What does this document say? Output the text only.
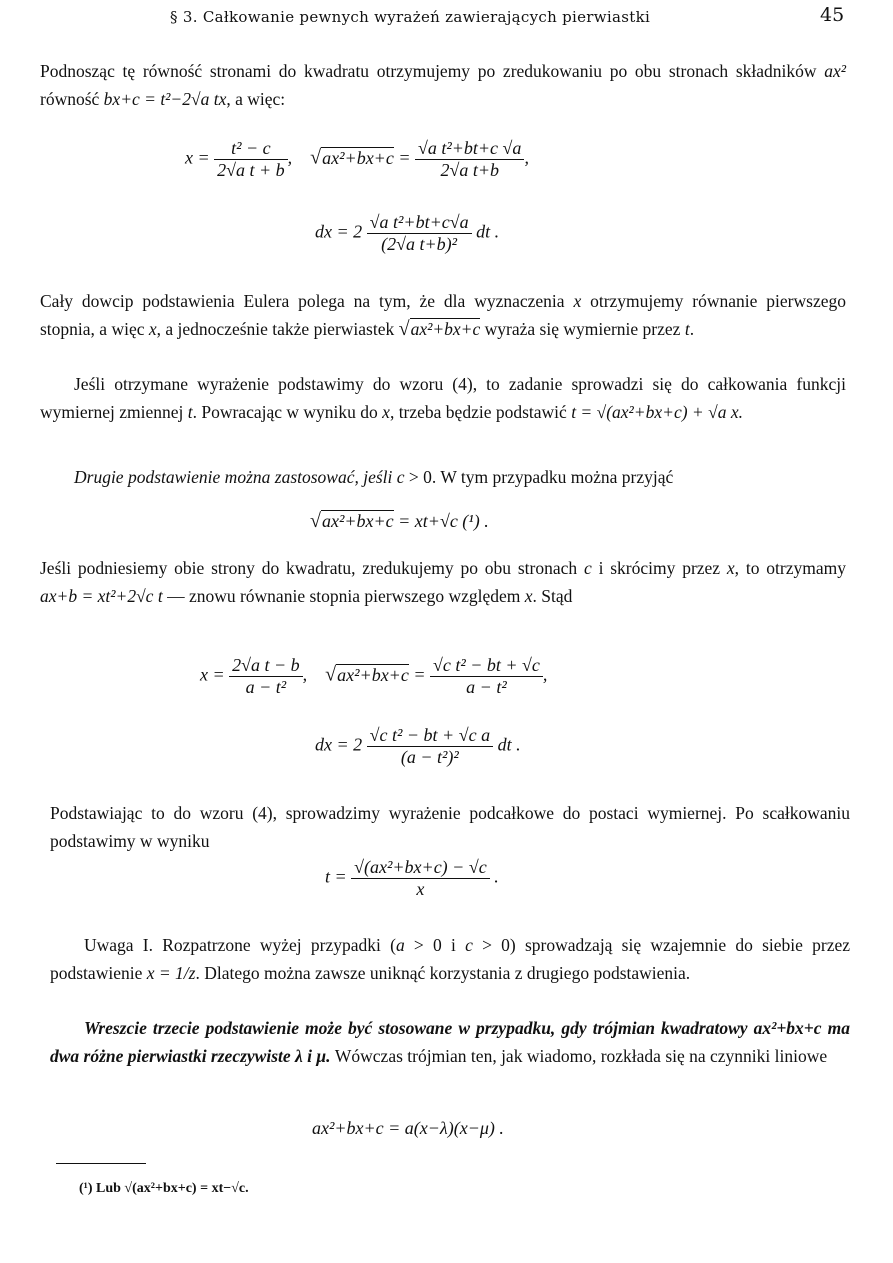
§ 3. Całkowanie pewnych wyrażeń zawierających pierwiastki	45
Podnosząc tę równość stronami do kwadratu otrzymujemy po zredukowaniu po obu stronach składników ax² równość bx+c = t²−2√a tx, a więc:
$x = \frac{\text{t² − c}}{\text{2√a t + b}}$ ,    $√ax^2+bx+c = \frac{\text{√a t²+bt+c √a}}{\text{2√a t+b}}$ ,
dx = $2 \frac{\text{√a t²+bt+c√a}}{\text{(2√a t+b)²}}$ dt .
Cały dowcip podstawienia Eulera polega na tym, że dla wyznaczenia x otrzymujemy równanie pierwszego stopnia, a więc x, a jednocześnie także pierwiastek √ax²+bx+c wyraża się wymiernie przez t.
Jeśli otrzymane wyrażenie podstawimy do wzoru (4), to zadanie sprowadzi się do całkowania funkcji wymiernej zmiennej t. Powracając w wyniku do x, trzeba będzie podstawić t = √(ax²+bx+c) + √a x.
Drugie podstawienie można zastosować, jeśli c > 0. W tym przypadku można przyjąć
√ax²+bx+c = xt+√c (¹) .
Jeśli podniesiemy obie strony do kwadratu, zredukujemy po obu stronach c i skrócimy przez x, to otrzymamy ax+b = xt²+2√c t — znowu równanie stopnia pierwszego względem x. Stąd
$x = \frac{\text{2√a t − b}}{\text{a − t²}}$ ,    $√ax^2+bx+c = \frac{\text{√c t² − bt + √c}}{\text{a − t²}}$ ,
dx = $2 \frac{\text{√c t² − bt + √c a}}{\text{(a − t²)²}}$ dt .
Podstawiając to do wzoru (4), sprowadzimy wyrażenie podcałkowe do postaci wymiernej. Po scałkowaniu podstawimy w wyniku
$t = \frac{\text{√(ax²+bx+c) − √c}}{x}$ .
Uwaga I. Rozpatrzone wyżej przypadki (a > 0 i c > 0) sprowadzają się wzajemnie do siebie przez podstawienie x = 1/z. Dlatego można zawsze uniknąć korzystania z drugiego podstawienia.
Wreszcie trzecie podstawienie może być stosowane w przypadku, gdy trójmian kwadratowy ax²+bx+c ma dwa różne pierwiastki rzeczywiste λ i μ. Wówczas trójmian ten, jak wiadomo, rozkłada się na czynniki liniowe
ax²+bx+c = a(x−λ)(x−μ) .
(¹) Lub √(ax²+bx+c) = xt−√c.
